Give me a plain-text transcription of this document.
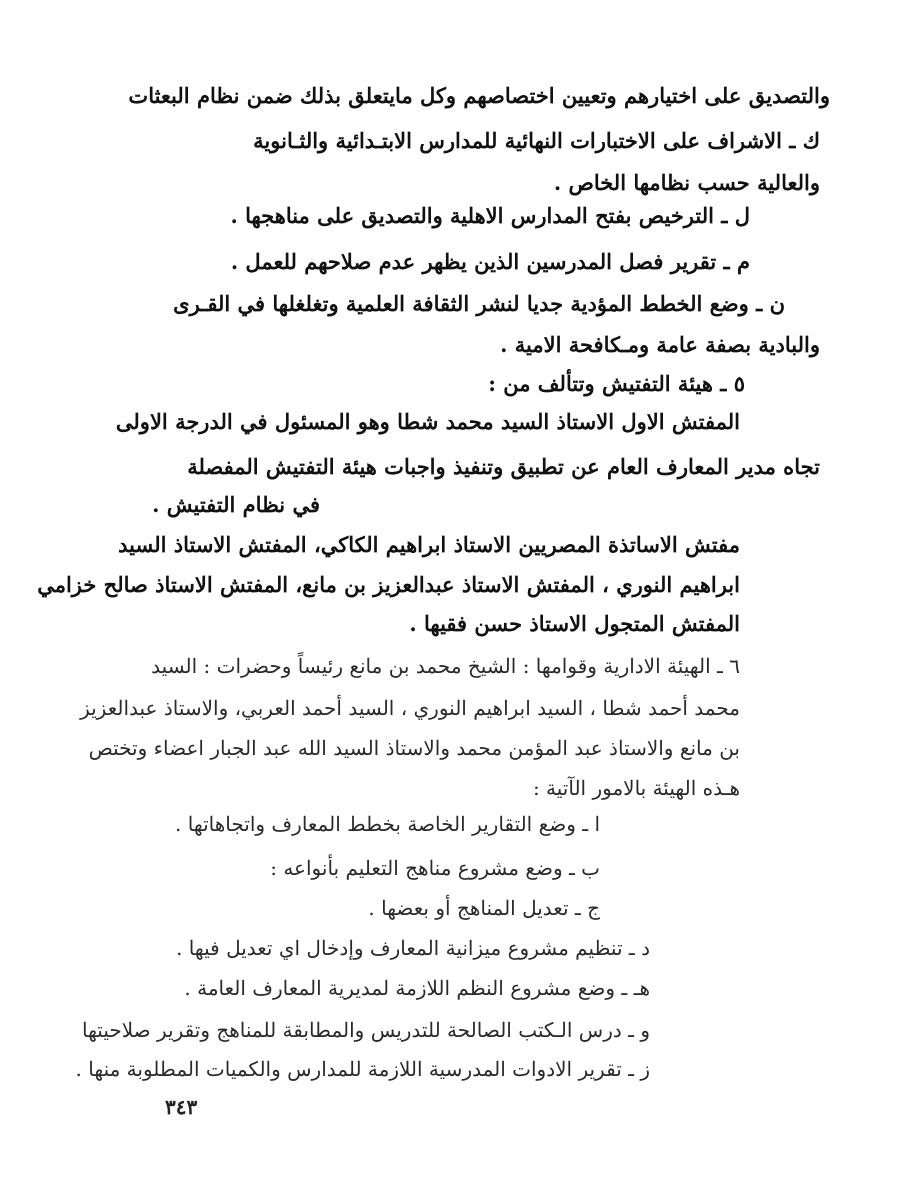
والتصديق على اختيارهم وتعيين اختصاصهم وكل مايتعلق بذلك ضمن نظام البعثات
ك ـ الاشراف على الاختبارات النهائية للمدارس الابتـدائية والثـانوية
والعالية حسب نظامها الخاص .
ل ـ الترخيص بفتح المدارس الاهلية والتصديق على مناهجها .
م ـ تقرير فصل المدرسين الذين يظهر عدم صلاحهم للعمل .
ن ـ وضع الخطط المؤدية جديا لنشر الثقافة العلمية وتغلغلها في القـرى
والبادية بصفة عامة ومـكافحة الامية .
٥ ـ هيئة التفتيش وتتألف من :
المفتش الاول الاستاذ السيد محمد شطا وهو المسئول في الدرجة الاولى
تجاه مدير المعارف العام عن تطبيق وتنفيذ واجبات هيئة التفتيش المفصلة
في نظام التفتيش .
مفتش الاساتذة المصريين الاستاذ ابراهيم الكاكي، المفتش الاستاذ السيد
ابراهيم النوري ، المفتش الاستاذ عبدالعزيز بن مانع، المفتش الاستاذ صالح خزامي
المفتش المتجول الاستاذ حسن فقيها .
٦ ـ الهيئة الادارية وقوامها : الشيخ محمد بن مانع رئيساً وحضرات : السيد
محمد أحمد شطا ، السيد ابراهيم النوري ، السيد أحمد العربي، والاستاذ عبدالعزيز
بن مانع والاستاذ عبد المؤمن محمد والاستاذ السيد الله عبد الجبار اعضاء وتختص
هـذه الهيئة بالامور الآتية :
ا ـ وضع التقارير الخاصة بخطط المعارف واتجاهاتها .
ب ـ وضع مشروع مناهج التعليم بأنواعه :
ج ـ تعديل المناهج أو بعضها .
د ـ تنظيم مشروع ميزانية المعارف وإدخال اي تعديل فيها .
هـ ـ وضع مشروع النظم اللازمة لمديرية المعارف العامة .
و ـ درس الـكتب الصالحة للتدريس والمطابقة للمناهج وتقرير صلاحيتها
ز ـ تقرير الادوات المدرسية اللازمة للمدارس والكميات المطلوبة منها .
٣٤٣
